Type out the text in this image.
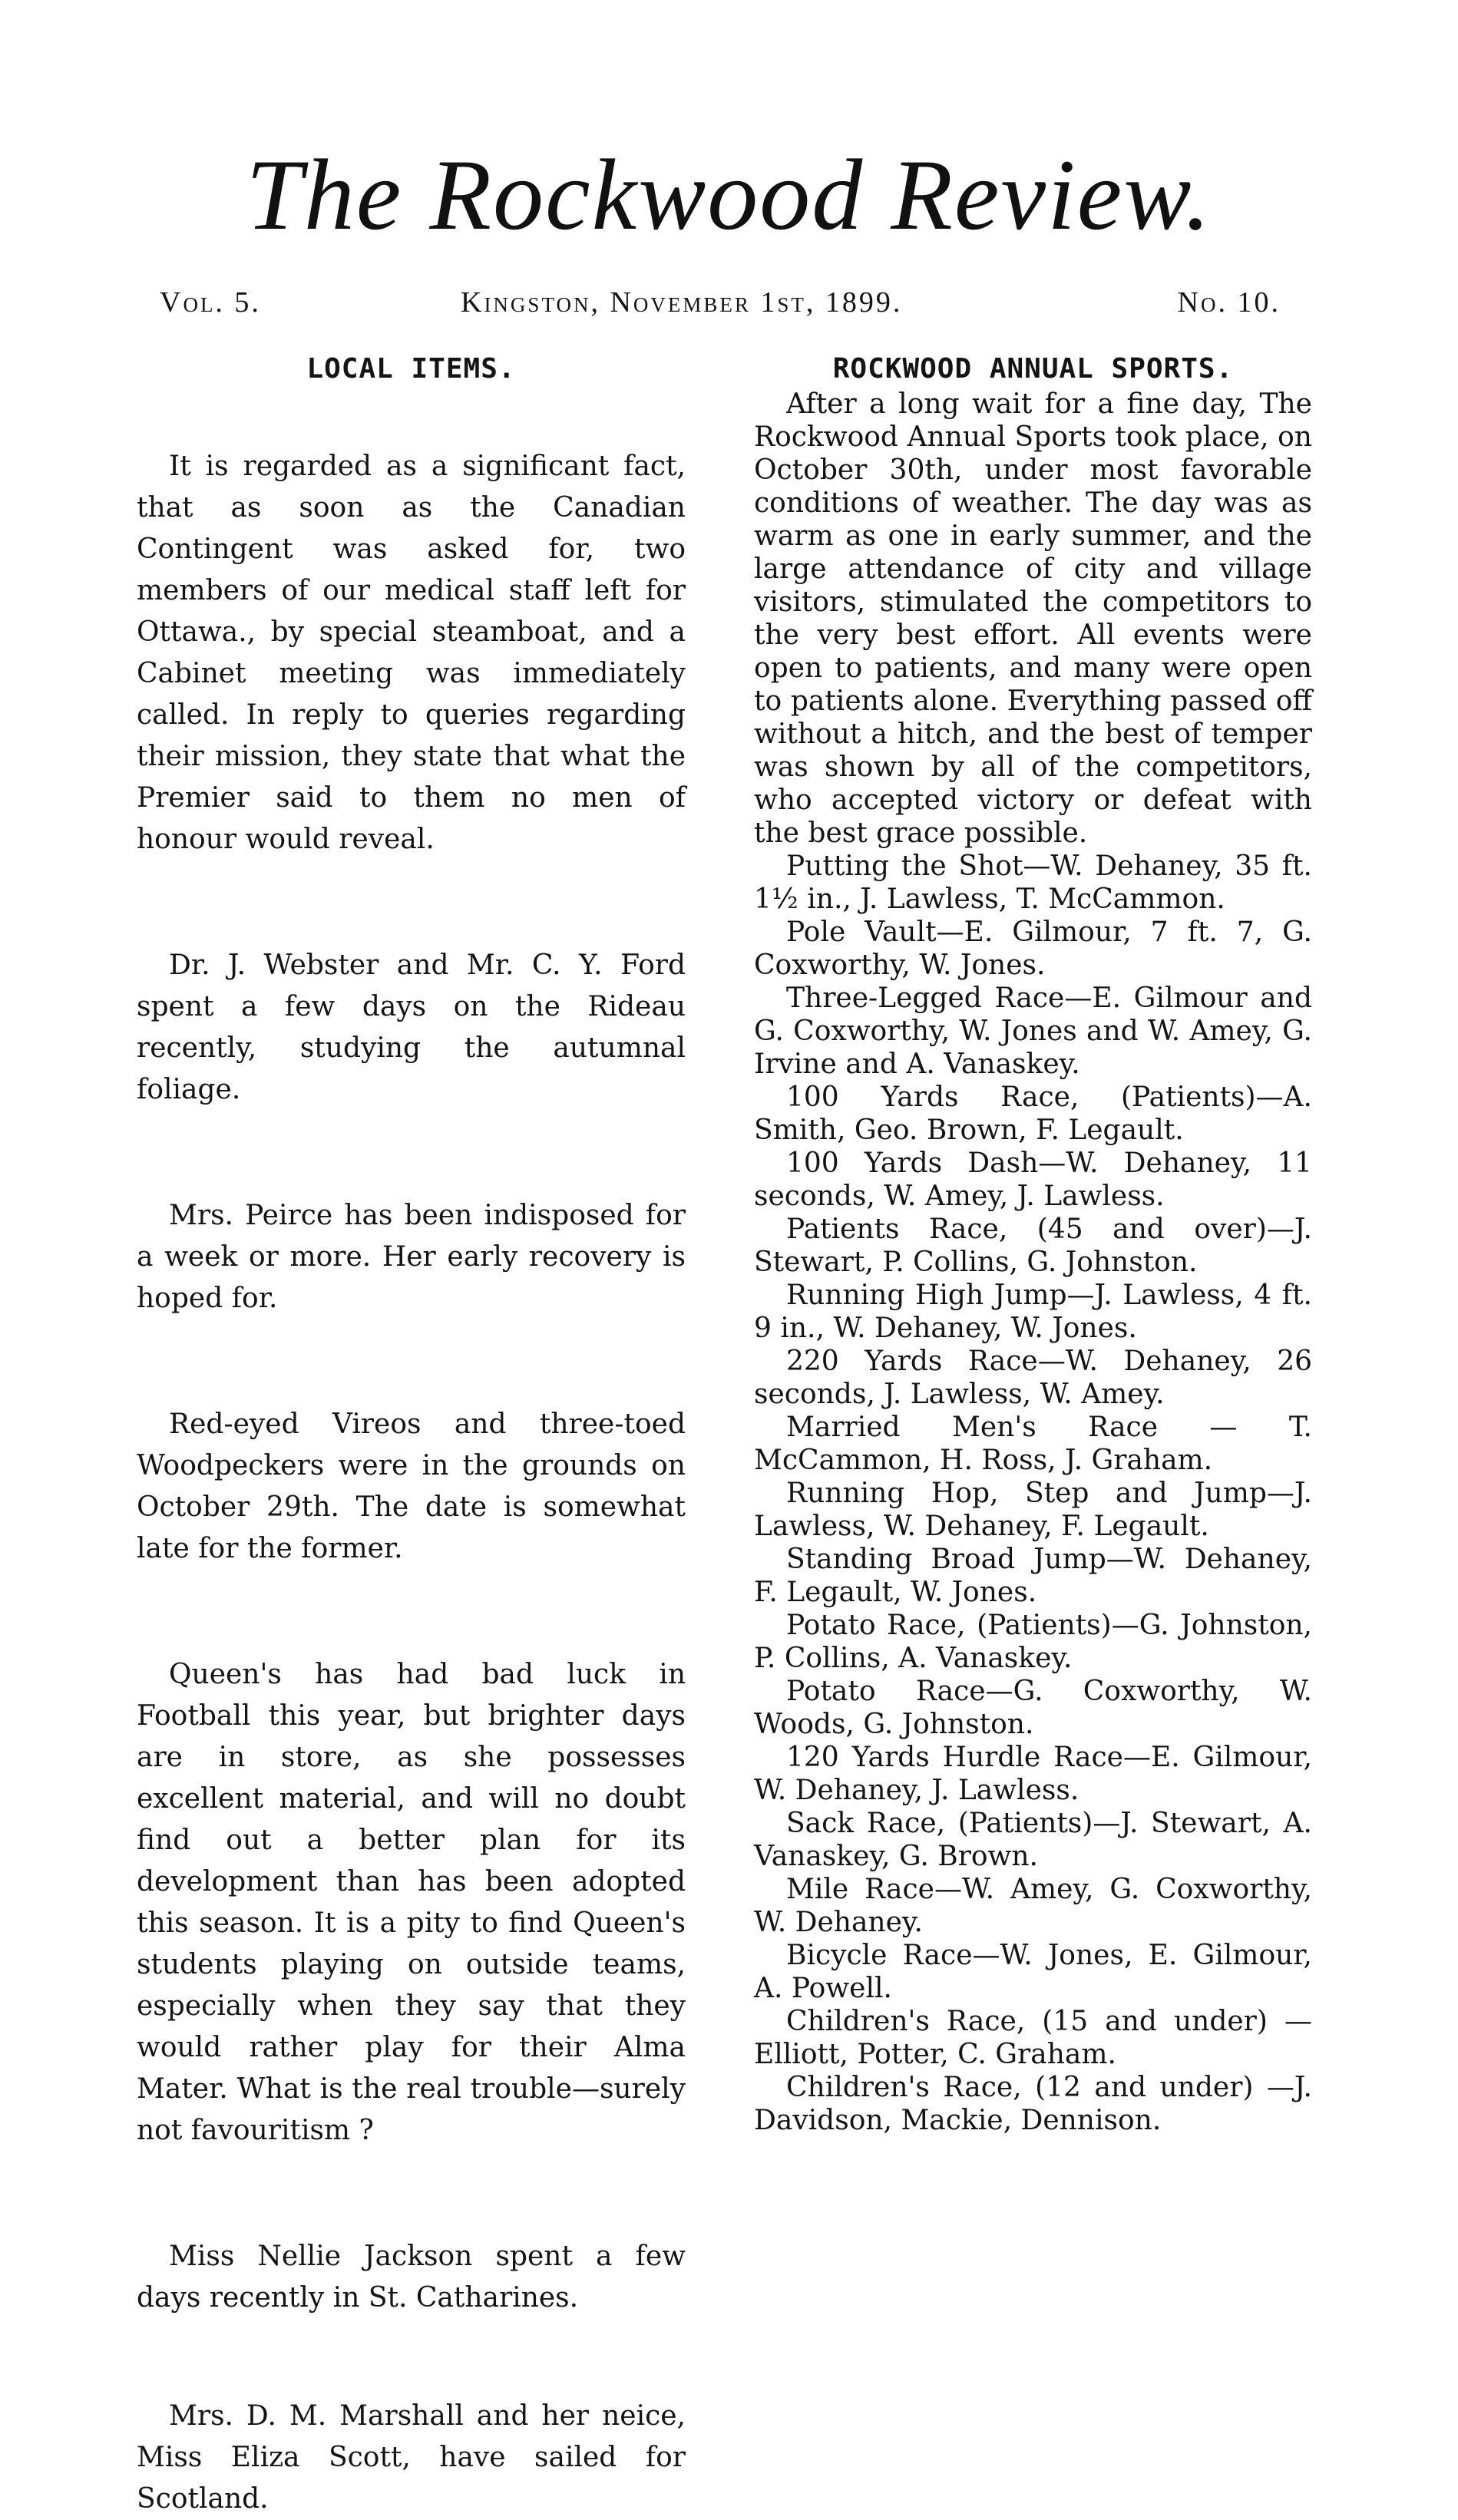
The Rockwood Review.
Vol. 5.	Kingston, November 1st, 1899.	No. 10.
LOCAL ITEMS.

It is regarded as a significant fact, that as soon as the Canadian Contingent was asked for, two members of our medical staff left for Ottawa., by special steamboat, and a Cabinet meeting was immediately called. In reply to queries regarding their mission, they state that what the Premier said to them no men of honour would reveal.

Dr. J. Webster and Mr. C. Y. Ford spent a few days on the Rideau recently, studying the autumnal foliage.

Mrs. Peirce has been indisposed for a week or more. Her early recovery is hoped for.

Red-eyed Vireos and three-toed Woodpeckers were in the grounds on October 29th. The date is somewhat late for the former.

Queen's has had bad luck in Football this year, but brighter days are in store, as she possesses excellent material, and will no doubt find out a better plan for its development than has been adopted this season. It is a pity to find Queen's students playing on outside teams, especially when they say that they would rather play for their Alma Mater. What is the real trouble—surely not favouritism ?

Miss Nellie Jackson spent a few days recently in St. Catharines.

Mrs. D. M. Marshall and her neice, Miss Eliza Scott, have sailed for Scotland.

ROCKWOOD ANNUAL SPORTS.

After a long wait for a fine day, The Rockwood Annual Sports took place, on October 30th, under most favorable conditions of weather. The day was as warm as one in early summer, and the large attendance of city and village visitors, stimulated the competitors to the very best effort. All events were open to patients, and many were open to patients alone. Everything passed off without a hitch, and the best of temper was shown by all of the competitors, who accepted victory or defeat with the best grace possible.

Putting the Shot—W. Dehaney, 35 ft. 1½ in., J. Lawless, T. McCammon.

Pole Vault—E. Gilmour, 7 ft. 7, G. Coxworthy, W. Jones.

Three-Legged Race—E. Gilmour and G. Coxworthy, W. Jones and W. Amey, G. Irvine and A. Vanaskey.

100 Yards Race, (Patients)—A. Smith, Geo. Brown, F. Legault.

100 Yards Dash—W. Dehaney, 11 seconds, W. Amey, J. Lawless.

Patients Race, (45 and over)—J. Stewart, P. Collins, G. Johnston.

Running High Jump—J. Lawless, 4 ft. 9 in., W. Dehaney, W. Jones.

220 Yards Race—W. Dehaney, 26 seconds, J. Lawless, W. Amey.

Married Men's Race — T. McCammon, H. Ross, J. Graham.

Running Hop, Step and Jump—J. Lawless, W. Dehaney, F. Legault.

Standing Broad Jump—W. Dehaney, F. Legault, W. Jones.

Potato Race, (Patients)—G. Johnston, P. Collins, A. Vanaskey.

Potato Race—G. Coxworthy, W. Woods, G. Johnston.

120 Yards Hurdle Race—E. Gilmour, W. Dehaney, J. Lawless.

Sack Race, (Patients)—J. Stewart, A. Vanaskey, G. Brown.

Mile Race—W. Amey, G. Coxworthy, W. Dehaney.

Bicycle Race—W. Jones, E. Gilmour, A. Powell.

Children's Race, (15 and under) —Elliott, Potter, C. Graham.

Children's Race, (12 and under) —J. Davidson, Mackie, Dennison.
